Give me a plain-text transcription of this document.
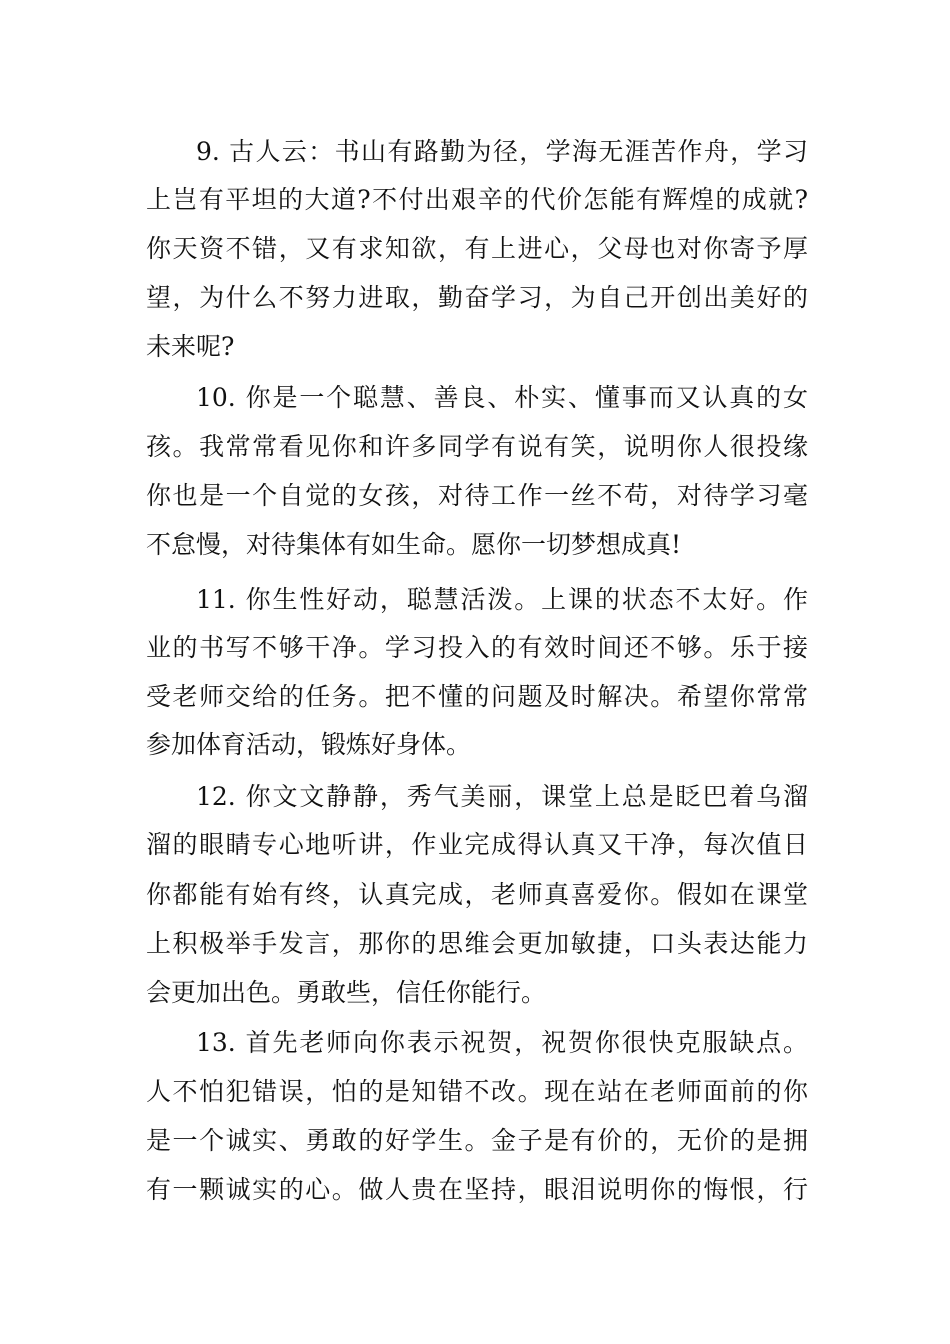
9. 古人云：书山有路勤为径，学海无涯苦作舟，学习
上岂有平坦的大道?不付出艰辛的代价怎能有辉煌的成就?
你天资不错，又有求知欲，有上进心，父母也对你寄予厚
望，为什么不努力进取，勤奋学习，为自己开创出美好的
未来呢?
10. 你是一个聪慧、善良、朴实、懂事而又认真的女
孩。我常常看见你和许多同学有说有笑，说明你人很投缘
你也是一个自觉的女孩，对待工作一丝不苟，对待学习毫
不怠慢，对待集体有如生命。愿你一切梦想成真!
11. 你生性好动，聪慧活泼。上课的状态不太好。作
业的书写不够干净。学习投入的有效时间还不够。乐于接
受老师交给的任务。把不懂的问题及时解决。希望你常常
参加体育活动，锻炼好身体。
12. 你文文静静，秀气美丽，课堂上总是眨巴着乌溜
溜的眼睛专心地听讲，作业完成得认真又干净，每次值日
你都能有始有终，认真完成，老师真喜爱你。假如在课堂
上积极举手发言，那你的思维会更加敏捷，口头表达能力
会更加出色。勇敢些，信任你能行。
13. 首先老师向你表示祝贺，祝贺你很快克服缺点。
人不怕犯错误，怕的是知错不改。现在站在老师面前的你
是一个诚实、勇敢的好学生。金子是有价的，无价的是拥
有一颗诚实的心。做人贵在坚持，眼泪说明你的悔恨，行
